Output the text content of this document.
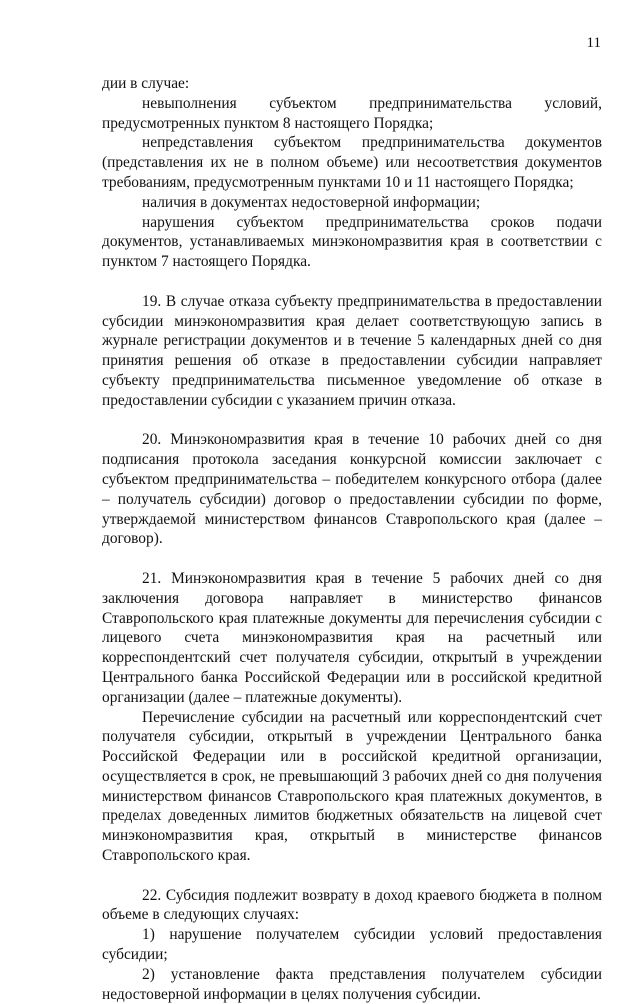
11

дии в случае:

невыполнения субъектом предпринимательства условий, предусмотренных пунктом 8 настоящего Порядка;

непредставления субъектом предпринимательства документов (представления их не в полном объеме) или несоответствия документов требованиям, предусмотренным пунктами 10 и 11 настоящего Порядка;

наличия в документах недостоверной информации;

нарушения субъектом предпринимательства сроков подачи документов, устанавливаемых минэкономразвития края в соответствии с пунктом 7 настоящего Порядка.

19. В случае отказа субъекту предпринимательства в предоставлении субсидии минэкономразвития края делает соответствующую запись в журнале регистрации документов и в течение 5 календарных дней со дня принятия решения об отказе в предоставлении субсидии направляет субъекту предпринимательства письменное уведомление об отказе в предоставлении субсидии с указанием причин отказа.

20. Минэкономразвития края в течение 10 рабочих дней со дня подписания протокола заседания конкурсной комиссии заключает с субъектом предпринимательства – победителем конкурсного отбора (далее – получатель субсидии) договор о предоставлении субсидии по форме, утверждаемой министерством финансов Ставропольского края (далее – договор).

21. Минэкономразвития края в течение 5 рабочих дней со дня заключения договора направляет в министерство финансов Ставропольского края платежные документы для перечисления субсидии с лицевого счета минэкономразвития края на расчетный или корреспондентский счет получателя субсидии, открытый в учреждении Центрального банка Российской Федерации или в российской кредитной организации (далее – платежные документы).

Перечисление субсидии на расчетный или корреспондентский счет получателя субсидии, открытый в учреждении Центрального банка Российской Федерации или в российской кредитной организации, осуществляется в срок, не превышающий 3 рабочих дней со дня получения министерством финансов Ставропольского края платежных документов, в пределах доведенных лимитов бюджетных обязательств на лицевой счет минэкономразвития края, открытый в министерстве финансов Ставропольского края.

22. Субсидия подлежит возврату в доход краевого бюджета в полном объеме в следующих случаях:

1) нарушение получателем субсидии условий предоставления субсидии;

2) установление факта представления получателем субсидии недостоверной информации в целях получения субсидии.
